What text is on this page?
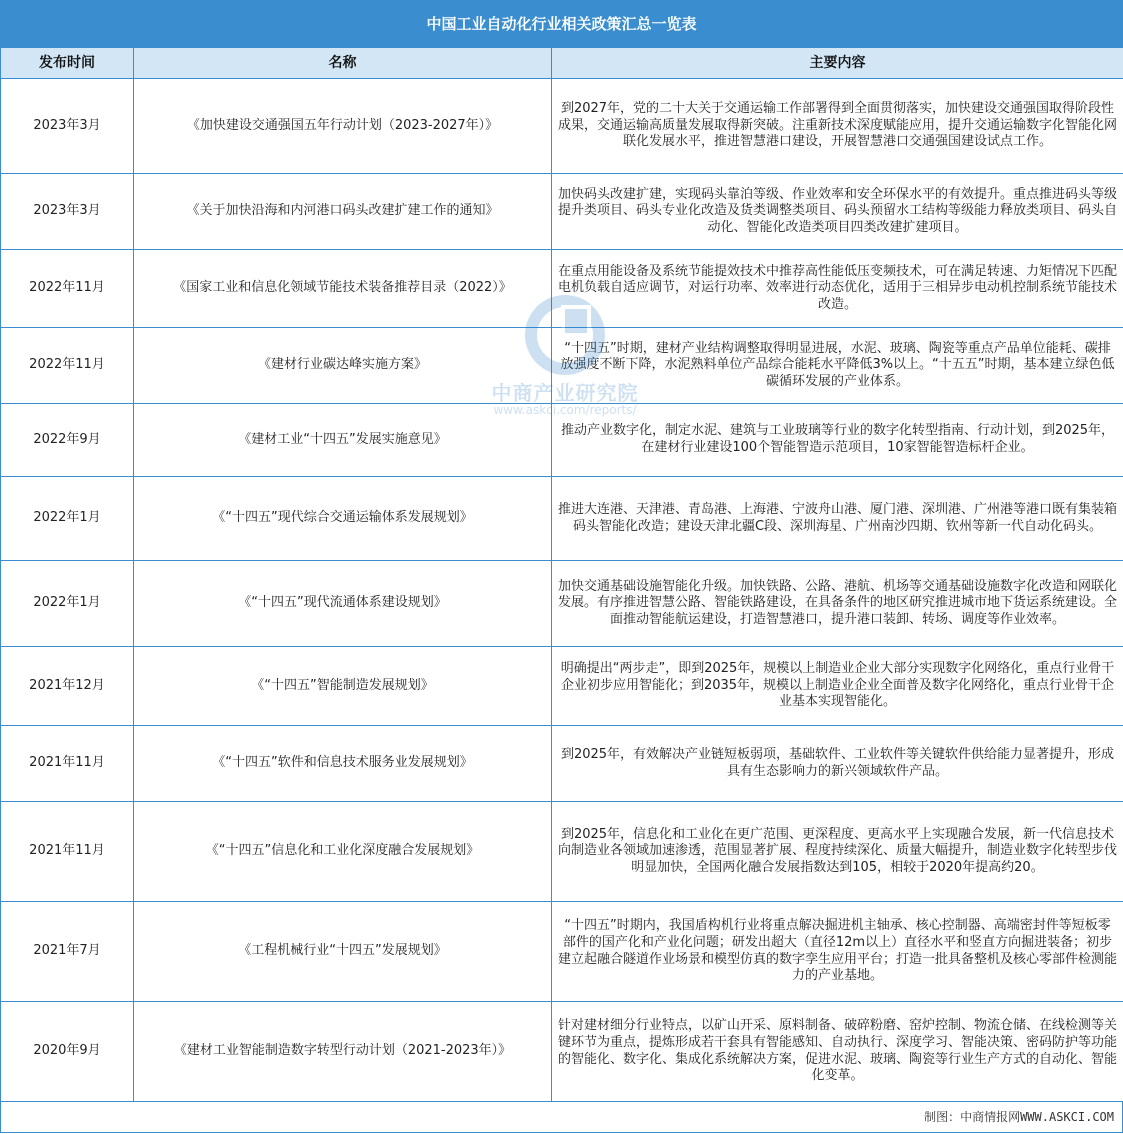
中国工业自动化行业相关政策汇总一览表
发布时间	名称	主要内容
2023年3月	《加快建设交通强国五年行动计划（2023-2027年）》	到2027年，党的二十大关于交通运输工作部署得到全面贯彻落实，加快建设交通强国取得阶段性成果，交通运输高质量发展取得新突破。注重新技术深度赋能应用，提升交通运输数字化智能化网联化发展水平，推进智慧港口建设，开展智慧港口交通强国建设试点工作。
2023年3月	《关于加快沿海和内河港口码头改建扩建工作的通知》	加快码头改建扩建，实现码头靠泊等级、作业效率和安全环保水平的有效提升。重点推进码头等级提升类项目、码头专业化改造及货类调整类项目、码头预留水工结构等级能力释放类项目、码头自动化、智能化改造类项目四类改建扩建项目。
2022年11月	《国家工业和信息化领域节能技术装备推荐目录（2022）》	在重点用能设备及系统节能提效技术中推荐高性能低压变频技术，可在满足转速、力矩情况下匹配电机负载自适应调节，对运行功率、效率进行动态优化，适用于三相异步电动机控制系统节能技术改造。
2022年11月	《建材行业碳达峰实施方案》	“十四五”时期，建材产业结构调整取得明显进展，水泥、玻璃、陶瓷等重点产品单位能耗、碳排放强度不断下降，水泥熟料单位产品综合能耗水平降低3%以上。“十五五”时期，基本建立绿色低碳循环发展的产业体系。
2022年9月	《建材工业“十四五”发展实施意见》	推动产业数字化，制定水泥、建筑与工业玻璃等行业的数字化转型指南、行动计划，到2025年，在建材行业建设100个智能智造示范项目，10家智能智造标杆企业。
2022年1月	《“十四五”现代综合交通运输体系发展规划》	推进大连港、天津港、青岛港、上海港、宁波舟山港、厦门港、深圳港、广州港等港口既有集装箱码头智能化改造；建设天津北疆C段、深圳海星、广州南沙四期、钦州等新一代自动化码头。
2022年1月	《“十四五”现代流通体系建设规划》	加快交通基础设施智能化升级。加快铁路、公路、港航、机场等交通基础设施数字化改造和网联化发展。有序推进智慧公路、智能铁路建设，在具备条件的地区研究推进城市地下货运系统建设。全面推动智能航运建设，打造智慧港口，提升港口装卸、转场、调度等作业效率。
2021年12月	《“十四五”智能制造发展规划》	明确提出“两步走”，即到2025年，规模以上制造业企业大部分实现数字化网络化，重点行业骨干企业初步应用智能化；到2035年，规模以上制造业企业全面普及数字化网络化，重点行业骨干企业基本实现智能化。
2021年11月	《“十四五”软件和信息技术服务业发展规划》	到2025年，有效解决产业链短板弱项，基础软件、工业软件等关键软件供给能力显著提升，形成具有生态影响力的新兴领域软件产品。
2021年11月	《“十四五”信息化和工业化深度融合发展规划》	到2025年，信息化和工业化在更广范围、更深程度、更高水平上实现融合发展，新一代信息技术向制造业各领域加速渗透，范围显著扩展、程度持续深化、质量大幅提升，制造业数字化转型步伐明显加快，全国两化融合发展指数达到105，相较于2020年提高约20。
2021年7月	《工程机械行业“十四五”发展规划》	“十四五”时期内，我国盾构机行业将重点解决掘进机主轴承、核心控制器、高端密封件等短板零部件的国产化和产业化问题；研发出超大（直径12m以上）直径水平和竖直方向掘进装备；初步建立起融合隧道作业场景和模型仿真的数字孪生应用平台；打造一批具备整机及核心零部件检测能力的产业基地。
2020年9月	《建材工业智能制造数字转型行动计划（2021-2023年）》	针对建材细分行业特点，以矿山开采、原料制备、破碎粉磨、窑炉控制、物流仓储、在线检测等关键环节为重点，提炼形成若干套具有智能感知、自动执行、深度学习、智能决策、密码防护等功能的智能化、数字化、集成化系统解决方案，促进水泥、玻璃、陶瓷等行业生产方式的自动化、智能化变革。
中商产业研究院
www.askci.com/reports/
制图：中商情报网WWW.ASKCI.COM
